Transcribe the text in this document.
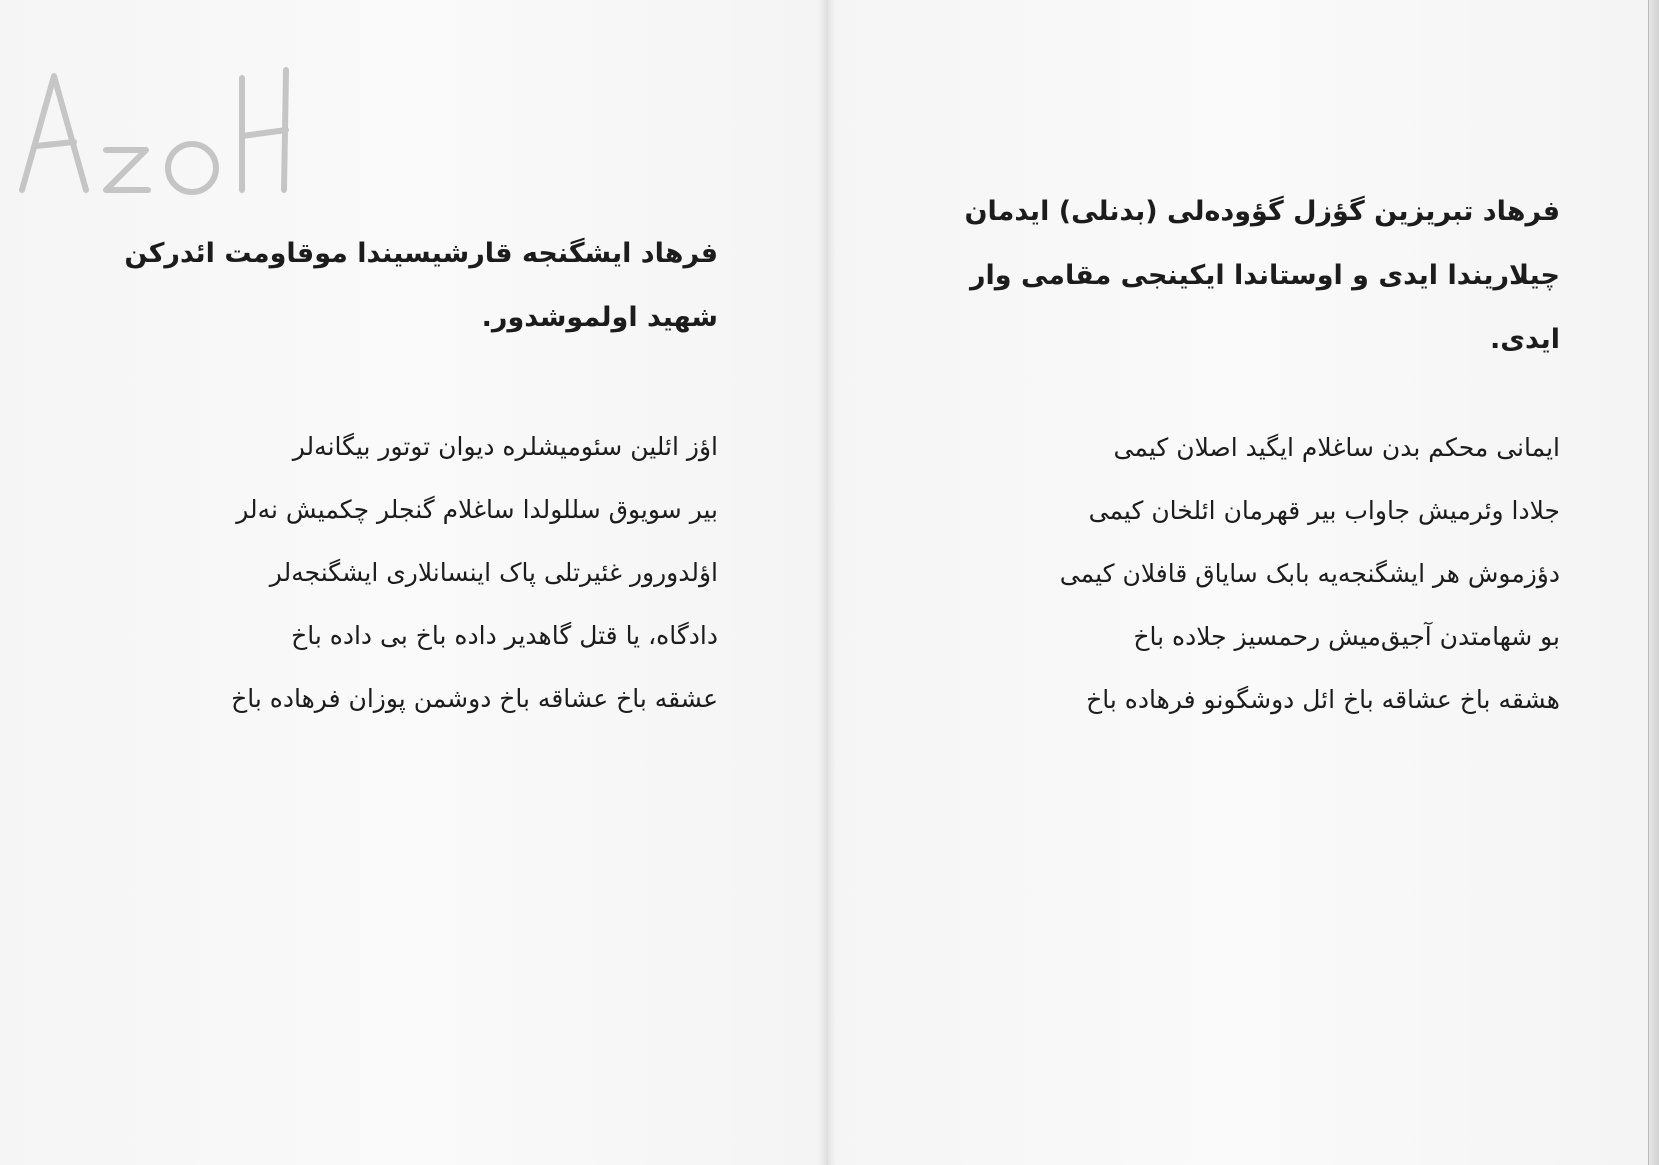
فرهاد ایشگنجه قارشیسیندا موقاومت ائدرکن شهید اولموشدور.

اؤز ائلین سئومیشلره دیوان توتور بیگانه‌لر
بیر سویوق سللولدا ساغلام گنجلر چکمیش نه‌لر
اؤلدورور غئیرتلی پاک اینسانلاری ایشگنجه‌لر
دادگاه، یا قتل گاهدیر داده باخ بی داده باخ
عشقه باخ عشاقه باخ دوشمن پوزان فرهاده باخ

فرهاد تبریزین گؤزل گؤوده‌لی (بدنلی) ایدمان چیلاریندا ایدی و اوستاندا ایکینجی مقامی وار ایدی.

ایمانی محکم بدن ساغلام ایگید اصلان کیمی
جلادا وئرمیش جاواب بیر قهرمان ائلخان کیمی
دؤزموش هر ایشگنجه‌یه بابک سایاق قافلان کیمی
بو شهامتدن آجیق‌میش رحمسیز جلاده باخ
هشقه باخ عشاقه باخ ائل دوشگونو فرهاده باخ
